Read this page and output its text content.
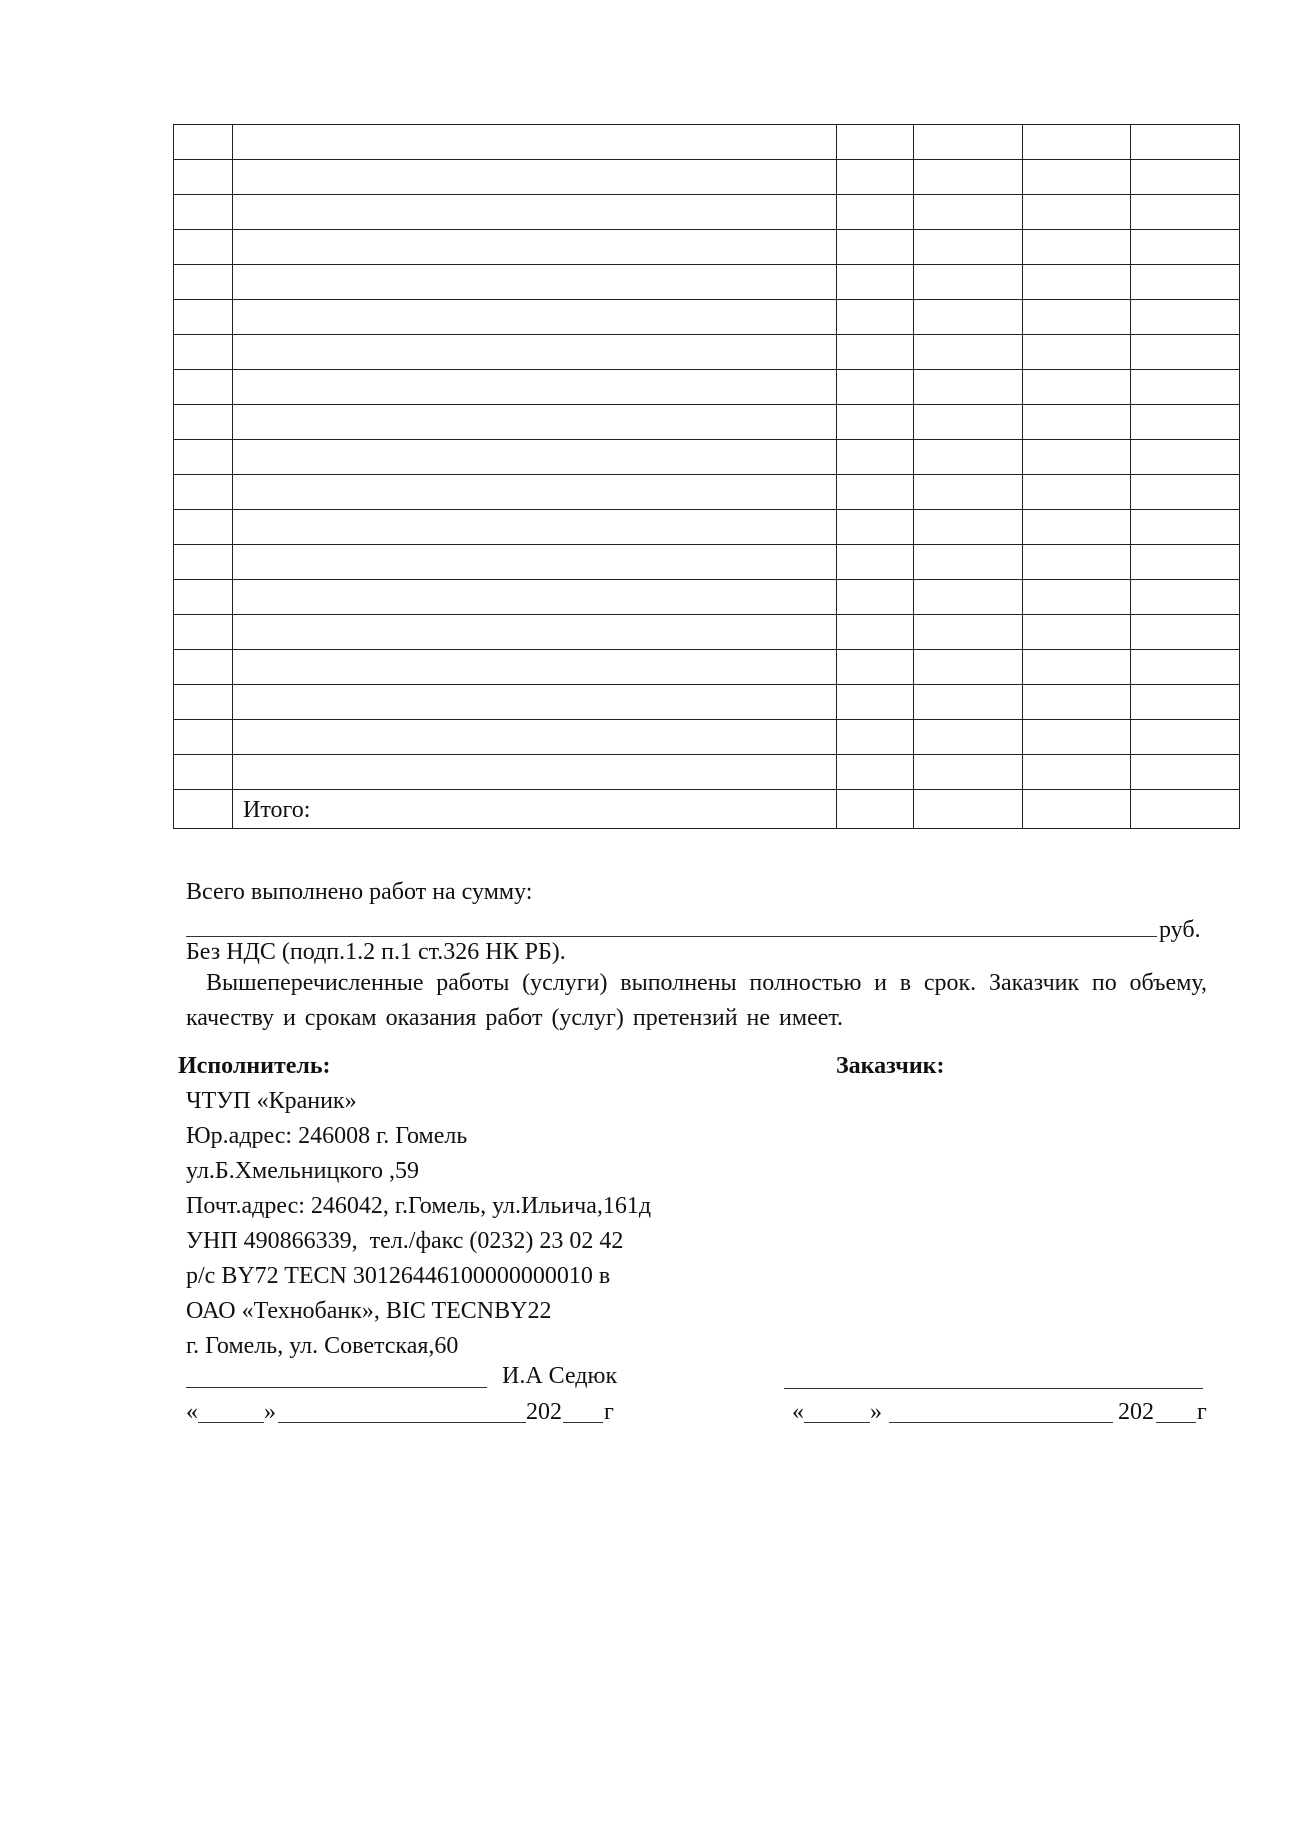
	Итого:				
Всего выполнено работ на сумму:
руб.
Без НДС (подп.1.2 п.1 ст.326 НК РБ).
Вышеперечисленные работы (услуги) выполнены полностью и в срок. Заказчик по объему, качеству и срокам оказания работ (услуг) претензий не имеет.
Исполнитель:	Заказчик:
ЧТУП «Краник»
Юр.адрес: 246008 г. Гомель
ул.Б.Хмельницкого ,59
Почт.адрес: 246042, г.Гомель, ул.Ильича,161д
УНП 490866339,  тел./факс (0232) 23 02 42
р/с BY72 TECN 30126446100000000010 в
ОАО «Технобанк», BIC TECNBY22
г. Гомель, ул. Советская,60
И.А Седюк
«	»	202 г	«	»	202 г
